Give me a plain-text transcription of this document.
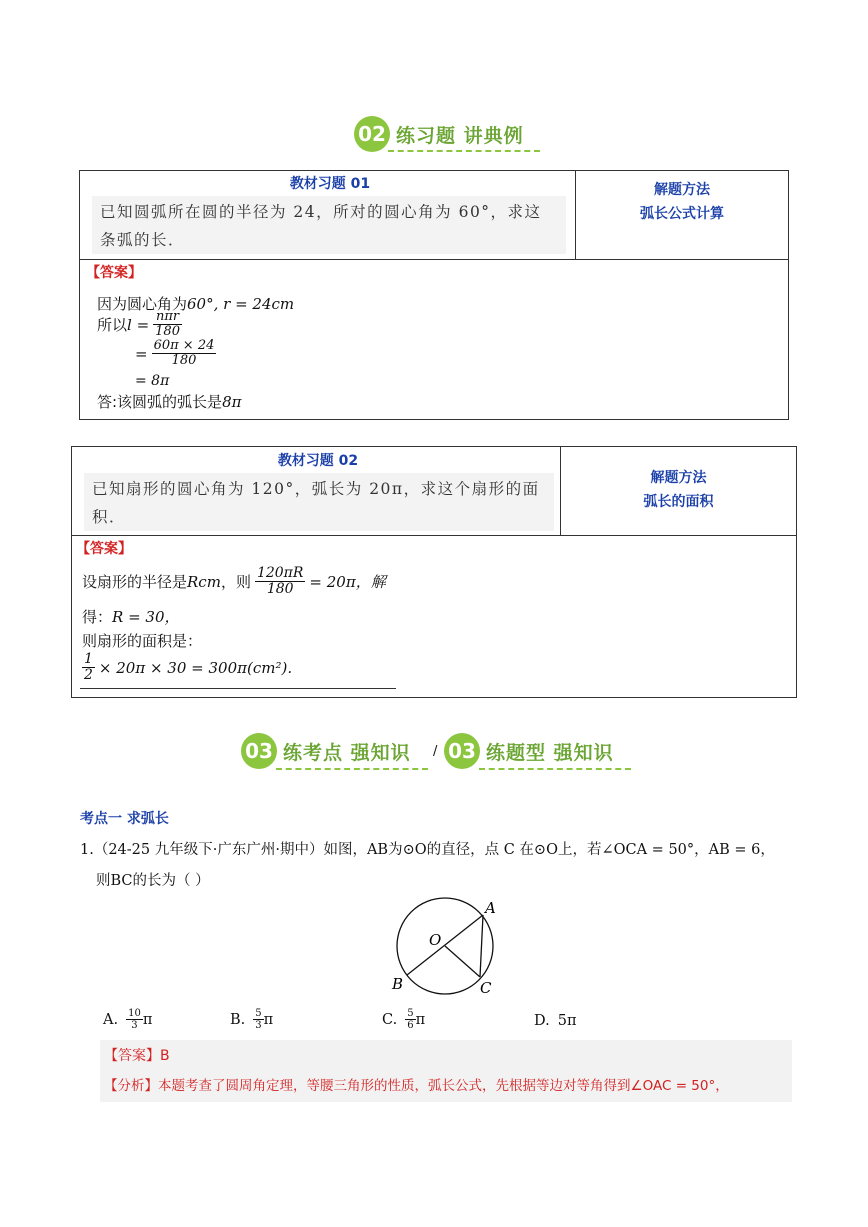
02 练习题 讲典例
教材习题 01
已知圆弧所在圆的半径为 24，所对的圆心角为 60°，求这条弧的长．
解题方法
弧长公式计算
【答案】
因为圆心角为60°, r = 24cm
所以 $l = \frac{\text{nπr}}{180}$
= $\frac{60\pi \times 24}{180}$
= 8π
答:该圆弧的弧长是8π
教材习题 02
已知扇形的圆心角为 120°，弧长为 20π，求这个扇形的面积．
解题方法
弧长的面积
【答案】
设扇形的半径是 Rcm ，则 $\frac{120\pi R}{180} = 20\pi$，解
得：R = 30，
则扇形的面积是：
$\frac{1}{2} \times 20\pi \times 30 = 300\pi(cm^2)$.
03 练考点 强知识 / 03 练题型 强知识
考点一 求弧长
1.（24-25 九年级下·广东广州·期中）如图，AB为⊙O的直径，点 C 在⊙O上，若∠OCA = 50°，AB = 6，
则BC的长为（ ）
A
O
B	C
A. $\frac{10}{3}$ π	B. $\frac{5}{3}$ π	C. $\frac{5}{6}$ π	D. 5π
【答案】B
【分析】本题考查了圆周角定理，等腰三角形的性质，弧长公式，先根据等边对等角得到∠OAC = 50°，
